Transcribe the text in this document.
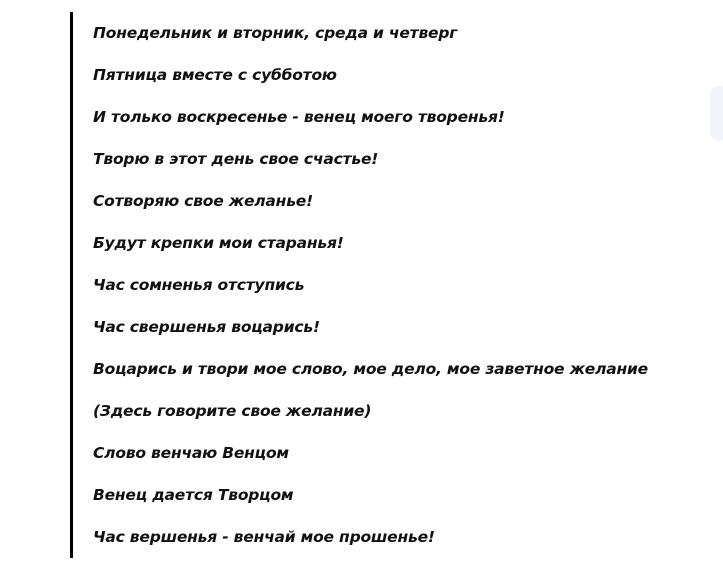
Понедельник и вторник, среда и четверг
Пятница вместе с субботою
И только воскресенье - венец моего творенья!
Творю в этот день свое счастье!
Сотворяю свое желанье!
Будут крепки мои старанья!
Час сомненья отступись
Час свершенья воцарись!
Воцарись и твори мое слово, мое дело, мое заветное желание
(Здесь говорите свое желание)
Слово венчаю Венцом
Венец дается Творцом
Час вершенья - венчай мое прошенье!
